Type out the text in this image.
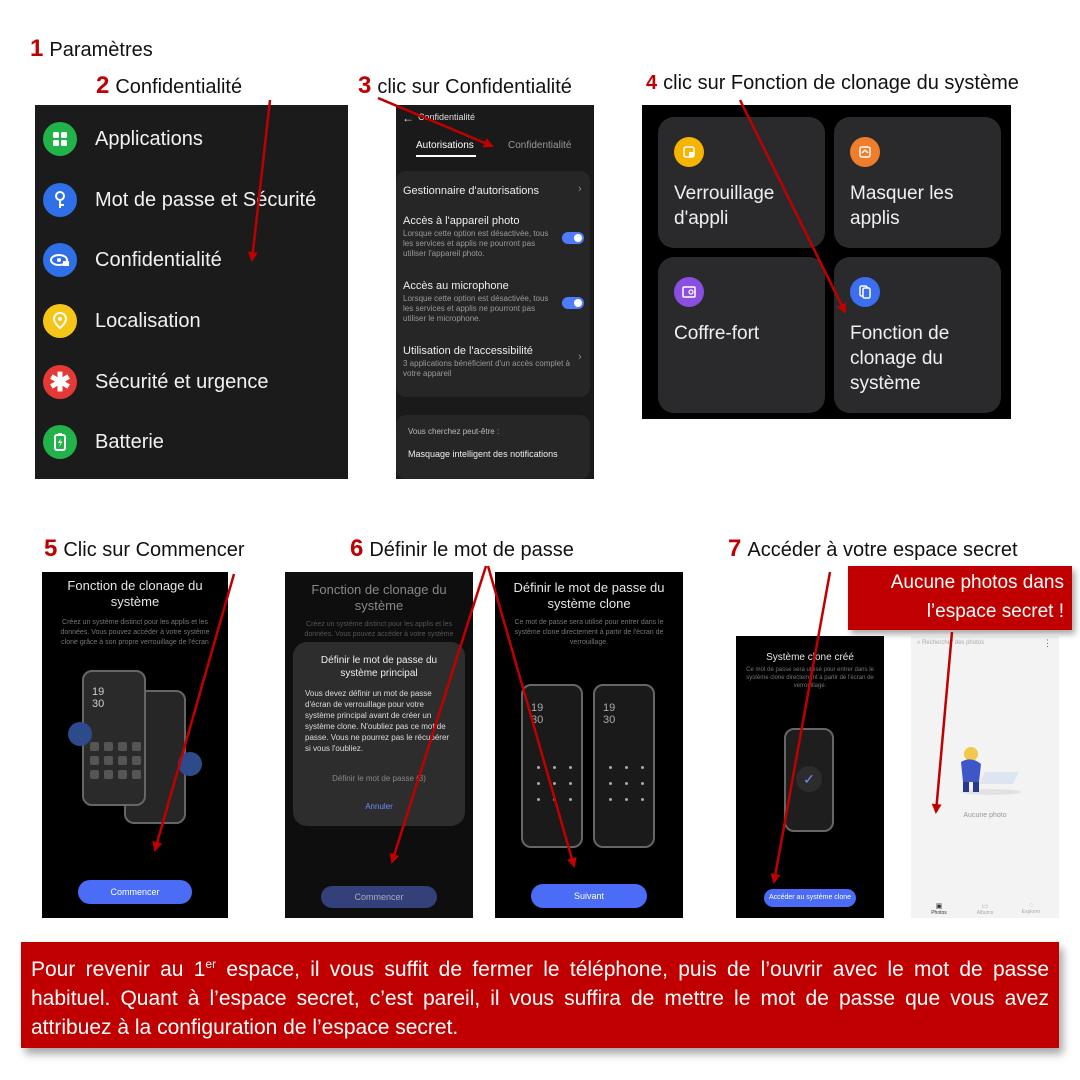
1 Paramètres
2 Confidentialité	3 clic sur Confidentialité	4 clic sur Fonction de clonage du système
5 Clic sur Commencer	6 Définir le mot de passe	7 Accéder à votre espace secret
Applications
Mot de passe et Sécurité
Confidentialité
Localisation
✱	Sécurité et urgence
Batterie
← Confidentialité
Autorisations	Confidentialité
Gestionnaire d'autorisations	›
Accès à l'appareil photo
Lorsque cette option est désactivée, tous les services et applis ne pourront pas utiliser l'appareil photo.
Accès au microphone
Lorsque cette option est désactivée, tous les services et applis ne pourront pas utiliser le microphone.
Utilisation de l'accessibilité
3 applications bénéficient d'un accès complet à votre appareil
›
Vous cherchez peut-être :
Masquage intelligent des notifications
Verrouillage d'appli
Masquer les applis
Coffre-fort	Fonction de clonage du système
Fonction de clonage du système
Créez un système distinct pour les applis et les données. Vous pouvez accéder à votre système clone grâce à son propre verrouillage de l'écran
19 30
Commencer
Fonction de clonage du système
Créez un système distinct pour les applis et les données. Vous pouvez accéder à votre système
Définir le mot de passe du système principal
Vous devez définir un mot de passe d'écran de verrouillage pour votre système principal avant de créer un système clone. N'oubliez pas ce mot de passe. Vous ne pourrez pas le récupérer si vous l'oubliez.
Définir le mot de passe (3)
Annuler
Commencer
Définir le mot de passe du système clone
Ce mot de passe sera utilisé pour entrer dans le système clone directement à partir de l'écran de verrouillage.
19 30
19 30
Suivant
Système clone créé
Ce mot de passe sera utilisé pour entrer dans le système clone directement à partir de l'écran de verrouillage.
✓
Accéder au système clone
⌕ Rechercher des photos	⋮
Aucune photo
▣
Photos
▭
Albums
◌
Explorer
Aucune photos dans l’espace secret !
Pour revenir au 1er espace, il vous suffit de fermer le téléphone, puis de l’ouvrir avec le mot de passe habituel. Quant à l’espace secret, c’est pareil, il vous suffira de mettre le mot de passe que vous avez attribuez à la configuration de l’espace secret.
